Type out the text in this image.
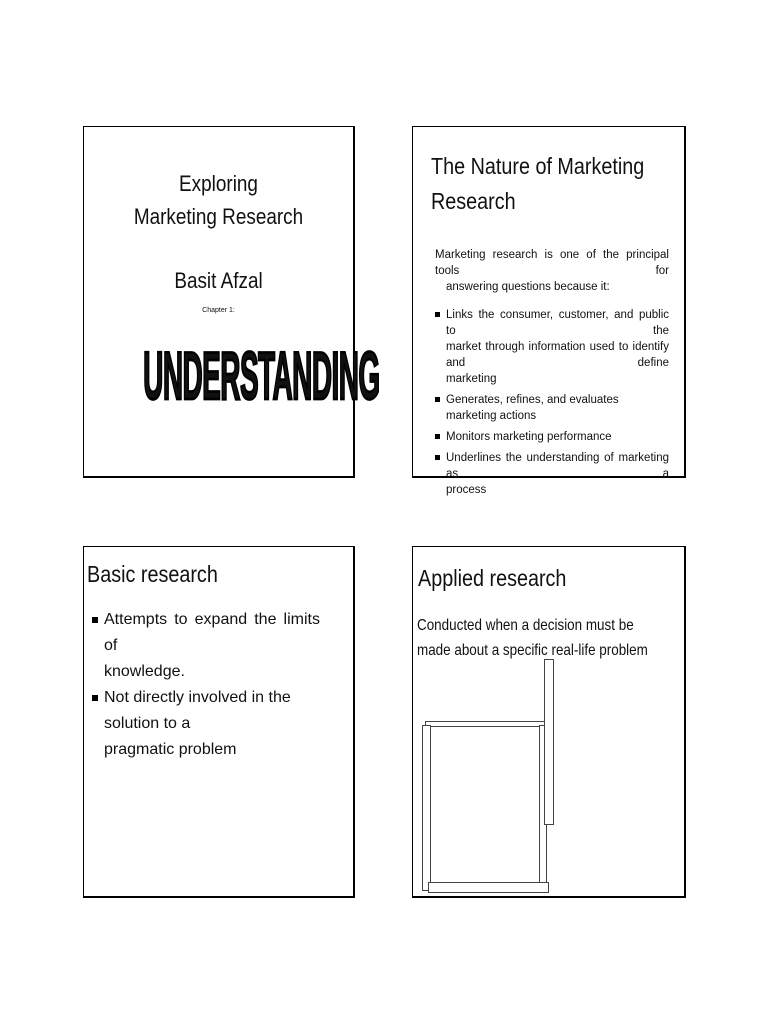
Exploring
Marketing Research
Basit Afzal
Chapter 1:
UNDERSTANDING
The Nature of Marketing
Research
Marketing research is one of the principal tools for
answering questions because it:
Links the consumer, customer, and public to the
market through information used to identify and define
marketing
Generates, refines, and evaluates marketing actions
Monitors marketing performance
Underlines the understanding of marketing as a
process
Basic research
Attempts to expand the limits of
knowledge.
Not directly involved in the solution to a
pragmatic problem
Applied research
Conducted when a decision must be
made about a specific real-life problem
